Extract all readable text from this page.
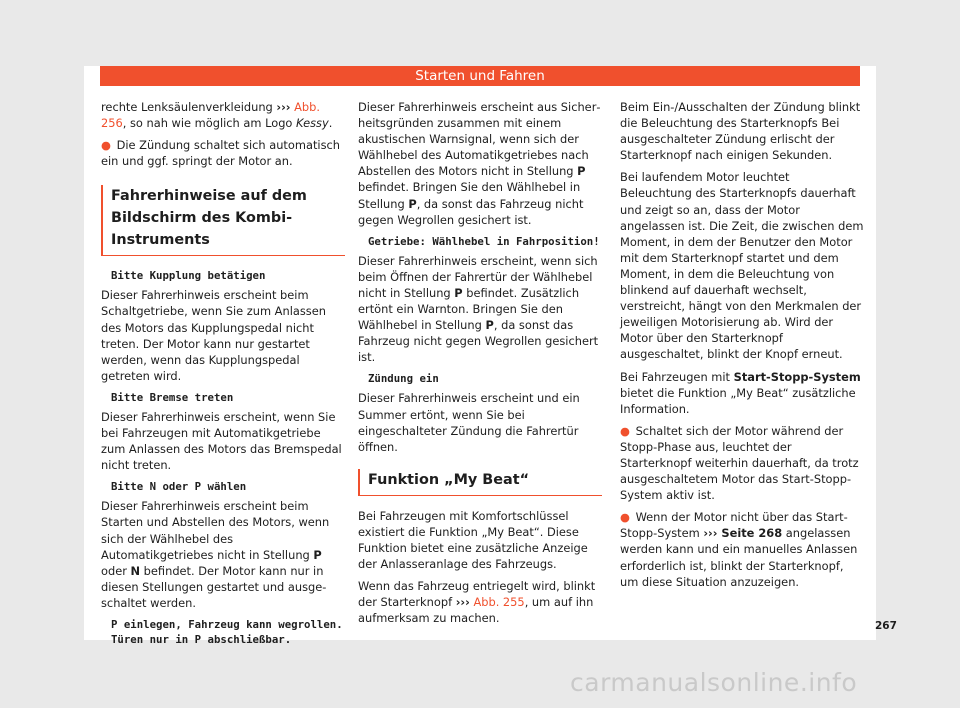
Starten und Fahren

rechte Lenksäulenverkleidung ››› Abb. 256, so nah wie möglich am Logo Kessy.

● Die Zündung schaltet sich automatisch ein und ggf. springt der Motor an.

Fahrerhinweise auf dem Bildschirm des Kombi-Instruments

Bitte Kupplung betätigen

Dieser Fahrerhinweis erscheint beim Schaltgetriebe, wenn Sie zum Anlassen des Motors das Kupplungspedal nicht treten. Der Motor kann nur gestartet werden, wenn das Kupplungspedal getreten wird.

Bitte Bremse treten

Dieser Fahrerhinweis erscheint, wenn Sie bei Fahrzeugen mit Automatikgetriebe zum Anlassen des Motors das Bremspedal nicht treten.

Bitte N oder P wählen

Dieser Fahrerhinweis erscheint beim Starten und Abstellen des Motors, wenn sich der Wählhebel des Automatikgetriebes nicht in Stellung P oder N befindet. Der Motor kann nur in diesen Stellungen gestartet und ausgeschaltet werden.

P einlegen, Fahrzeug kann wegrollen. Türen nur in P abschließbar.

Dieser Fahrerhinweis erscheint aus Sicherheitsgründen zusammen mit einem akustischen Warnsignal, wenn sich der Wählhebel des Automatikgetriebes nach Abstellen des Motors nicht in Stellung P befindet. Bringen Sie den Wählhebel in Stellung P, da sonst das Fahrzeug nicht gegen Wegrollen gesichert ist.

Getriebe: Wählhebel in Fahrposition!

Dieser Fahrerhinweis erscheint, wenn sich beim Öffnen der Fahrertür der Wählhebel nicht in Stellung P befindet. Zusätzlich ertönt ein Warnton. Bringen Sie den Wählhebel in Stellung P, da sonst das Fahrzeug nicht gegen Wegrollen gesichert ist.

Zündung ein

Dieser Fahrerhinweis erscheint und ein Summer ertönt, wenn Sie bei eingeschalteter Zündung die Fahrertür öffnen.

Funktion „My Beat“

Bei Fahrzeugen mit Komfortschlüssel existiert die Funktion „My Beat“. Diese Funktion bietet eine zusätzliche Anzeige der Anlasseranlage des Fahrzeugs.

Wenn das Fahrzeug entriegelt wird, blinkt der Starterknopf ››› Abb. 255, um auf ihn aufmerksam zu machen.

Beim Ein-/Ausschalten der Zündung blinkt die Beleuchtung des Starterknopfs Bei ausgeschalteter Zündung erlischt der Starterknopf nach einigen Sekunden.

Bei laufendem Motor leuchtet Beleuchtung des Starterknopfs dauerhaft und zeigt so an, dass der Motor angelassen ist. Die Zeit, die zwischen dem Moment, in dem der Benutzer den Motor mit dem Starterknopf startet und dem Moment, in dem die Beleuchtung von blinkend auf dauerhaft wechselt, verstreicht, hängt von den Merkmalen der jeweiligen Motorisierung ab. Wird der Motor über den Starterknopf ausgeschaltet, blinkt der Knopf erneut.

Bei Fahrzeugen mit Start-Stopp-System bietet die Funktion „My Beat“ zusätzliche Information.

● Schaltet sich der Motor während der Stopp-Phase aus, leuchtet der Starterknopf weiterhin dauerhaft, da trotz ausgeschaltetem Motor das Start-Stopp-System aktiv ist.

● Wenn der Motor nicht über das Start-Stopp-System ››› Seite 268 angelassen werden kann und ein manuelles Anlassen erforderlich ist, blinkt der Starterknopf, um diese Situation anzuzeigen.

267
carmanualsonline.info
